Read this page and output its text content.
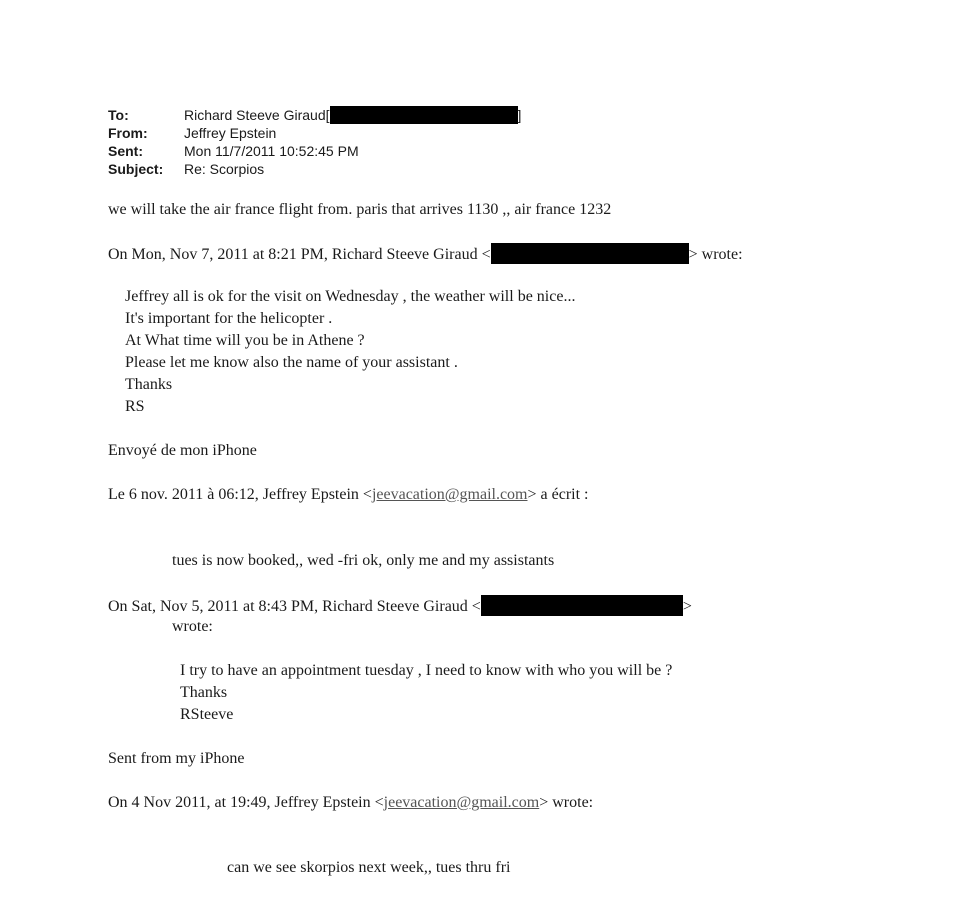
To:	Richard Steeve Giraud[	]
From:	Jeffrey Epstein
Sent:	Mon 11/7/2011 10:52:45 PM
Subject: Re: Scorpios
we will take the air france flight from. paris that arrives 1130 ,, air france 1232
On Mon, Nov 7, 2011 at 8:21 PM, Richard Steeve Giraud <	> wrote:
Jeffrey all is ok for the visit on Wednesday , the weather will be nice...
It's important for the helicopter .
At What time will you be in Athene ?
Please let me know also the name of your assistant .
Thanks
RS
Envoyé de mon iPhone
Le 6 nov. 2011 à 06:12, Jeffrey Epstein <jeevacation@gmail.com> a écrit :
tues is now booked,, wed -fri ok, only me and my assistants
On Sat, Nov 5, 2011 at 8:43 PM, Richard Steeve Giraud <	>
wrote:
I try to have an appointment tuesday , I need to know with who you will be ?
Thanks
RSteeve
Sent from my iPhone
On 4 Nov 2011, at 19:49, Jeffrey Epstein <jeevacation@gmail.com> wrote:
can we see skorpios next week,, tues thru fri
